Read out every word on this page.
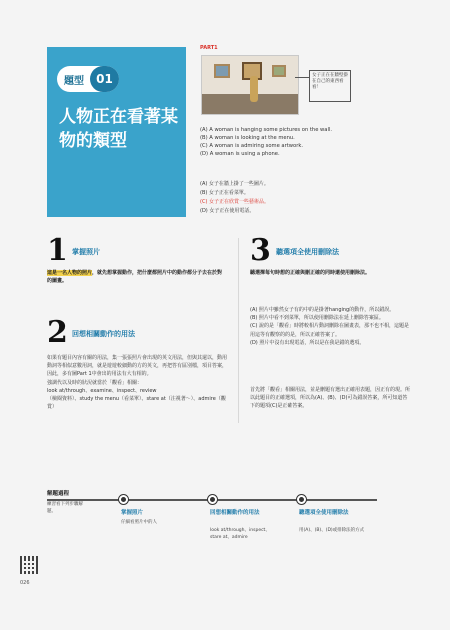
題型	01
人物正在看著某物的類型
PART1
女子正在在牆壁掛在自己的東西看看！
(A) A woman is hanging some pictures on the wall.
(B) A woman is looking at the menu.
(C) A woman is admiring some artwork.
(D) A woman is using a phone.
(A) 女子在牆上掛了一些圖片。
(B) 女子正在看菜單。
(C) 女子正在欣賞一些藝術品。
(D) 女子正在使用電話。
1 掌握照片
這是一名人物的照片，就先想掌握動作，把什麼都照片中的動作都分子去在於對的圖畫。
2 回想相關動作的用法
如果有題目內容有關的用法，集一張張照片會出現的英文用法，但與其還以，動用動詞等相似意數用詞，就是遊遊較細動的方的英文，再把答有區別檔，項目答案，因此，多有圖Part 1中會出的用法有大有相的。
強調代以及時的狀況就當於「觀看」相關：
look at/through、examine、inspect、review
（檢閱資料）、study the menu（看菜單）、stare at（注視著～）、admire（觀賞）
3 聽選項全使用刪除法
聽選擇每句時想的正確與刪正確的同時還使用刪除法。
(A) 照片中雖然女子有的中的是掛著hanging的動作，所以錯誤。
(B) 照片中看不到菜單，所以使用刪除法在延上刪除答案區。
(C) 說的是「觀看」時將較相片動詞刪除在圖畫表，那不也不相，這題是用這等有觀察的的是，所以正確答案了。
(D) 照片中沒有出現電話，所以是在我是錯的選項。
首先將「觀看」相關用法，並是刪題有選出正確用表題，因正有的現。所以此題目的正確選項，所以為(A)、(B)、(D)可為錯誤答案，所可知道答下的題項(C)是正確答案。
解題過程
練習看下列步驟解題。	掌握照片
仔細看照片中的人
回想相關動作的用法
look at/through、inspect、stare at、admire
聽選項全使用刪除法
用(A)、(B)、(D)或排除法的方式
026
